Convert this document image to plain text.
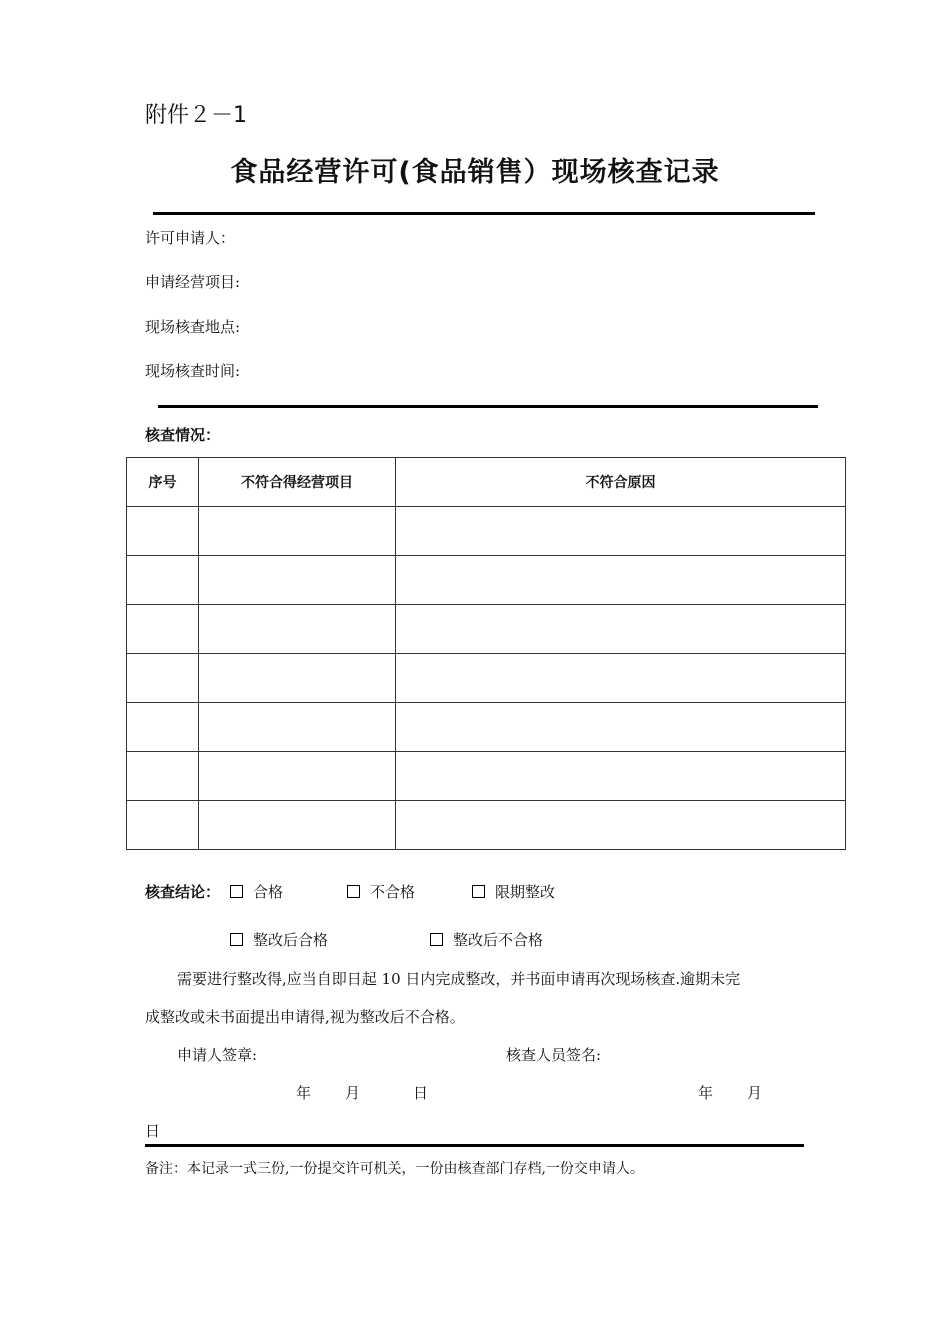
附件２－1
食品经营许可(食品销售）现场核查记录
许可申请人：
申请经营项目:
现场核查地点:
现场核查时间:
核查情况：
序号	不符合得经营项目	不符合原因

核查结论：	合格	不合格	限期整改
整改后合格	整改后不合格
需要进行整改得,应当自即日起 10 日内完成整改，并书面申请再次现场核查.逾期未完
成整改或未书面提出申请得,视为整改后不合格。
申请人签章:	核查人员签名:
年 月	日	年 月
日
备注：本记录一式三份,一份提交许可机关，一份由核查部门存档,一份交申请人。
